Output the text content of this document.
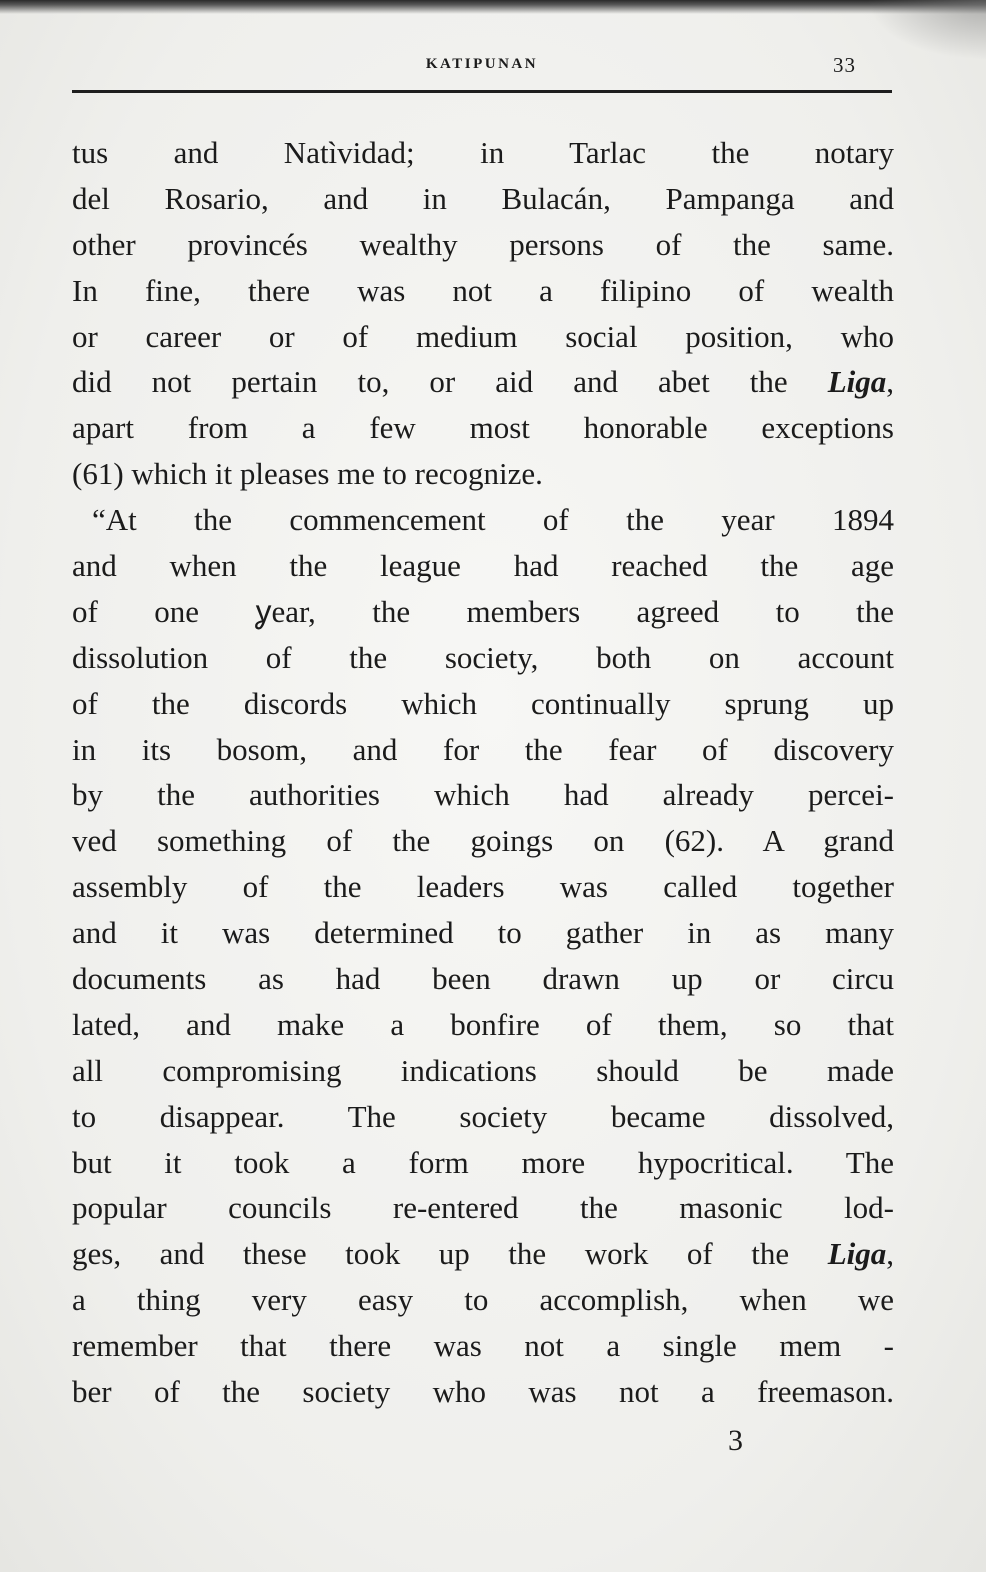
KATIPUNAN	33
tus and Natìvidad; in Tarlac the notary
del Rosario, and in Bulacán, Pampanga and
other provincés wealthy persons of the same.
In fine, there was not a filipino of wealth
or career or of medium social position, who
did not pertain to, or aid and abet the Liga,
apart from a few most honorable exceptions
(61) which it pleases me to recognize.
“At the commencement of the year 1894
and when the league had reached the age
of one ỿear, the members agreed to the
dissolution of the society, both on account
of the discords which continually sprung up
in its bosom, and for the fear of discovery
by the authorities which had already percei-
ved something of the goings on (62). A grand
assembly of the leaders was called together
and it was determined to gather in as many
documents as had been drawn up or circu
lated, and make a bonfire of them, so that
all compromising indications should be made
to disappear. The society became dissolved,
but it took a form more hypocritical. The
popular councils re-entered the masonic lod-
ges, and these took up the work of the Liga,
a thing very easy to accomplish, when we
remember that there was not a single mem -
ber of the society who was not a freemason.
3
